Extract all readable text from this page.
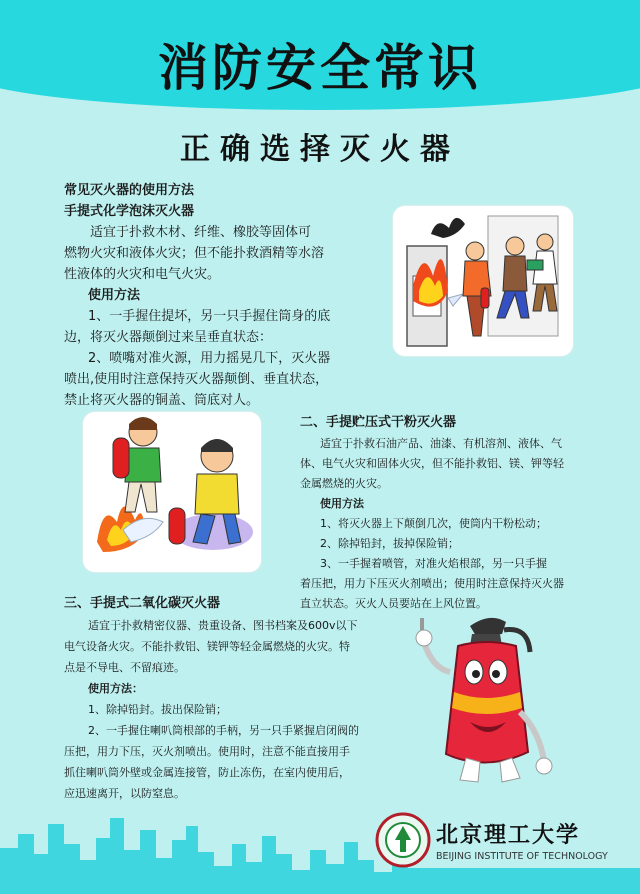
消防安全常识
正确选择灭火器

常见灭火器的使用方法

手提式化学泡沫灭火器

适宜于扑救木材、纤维、橡胶等固体可

燃物火灾和液体火灾；但不能扑救酒精等水溶

性液体的火灾和电气火灾。

使用方法

1、一手握住提坏，另一只手握住筒身的底

边，将灭火器颠倒过来呈垂直状态：

2、喷嘴对准火源，用力摇晃几下，灭火器

喷出,使用时注意保持灭火器颠倒、垂直状态，

禁止将灭火器的铜盖、筒底对人。

二、手提贮压式干粉灭火器

适宜于扑救石油产品、油漆、有机溶剂、液体、气

体、电气火灾和固体火灾，但不能扑救铝、镁、钾等轻

金属燃烧的火灾。

使用方法

1、将灭火器上下颠倒几次，使筒内干粉松动；

2、除掉铅封，拔掉保险销；

3、一手握着喷管，对准火焰根部，另一只手握

着压把，用力下压灭火剂喷出；使用时注意保持灭火器

直立状态。灭火人员要站在上风位置。

三、手提式二氧化碳灭火器

适宜于扑救精密仪器、贵重设备、图书档案及600v以下

电气设备火灾。不能扑救铝、镁钾等轻金属燃烧的火灾。特

点是不导电、不留痕迹。

使用方法：

1、除掉铅封。拔出保险销；

2、一手握住喇叭筒根部的手柄，另一只手紧握启闭阀的

压把，用力下压，灭火剂喷出。使用时，注意不能直接用手

抓住喇叭筒外壁或金属连接管，防止冻伤，在室内使用后，

应迅速离开，以防窒息。

北京理工大学
BEIJING INSTITUTE OF TECHNOLOGY
